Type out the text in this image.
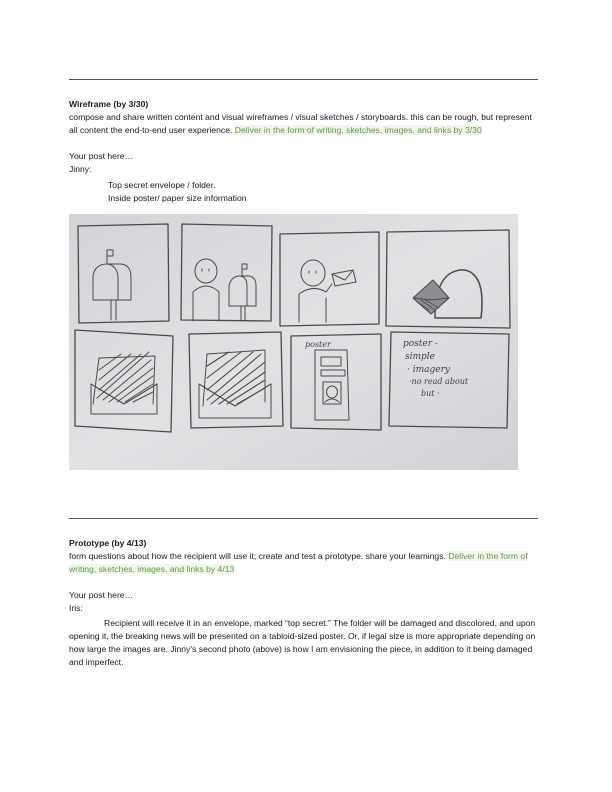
Wireframe (by 3/30)
compose and share written content and visual wireframes / visual sketches / storyboards. this can be rough, but represent all content the end-to-end user experience. Deliver in the form of writing, sketches, images, and links by 3/30
Your post here…
Jinny:
Top secret envelope / folder.
Inside poster/ paper size information
poster	poster -
simple
· imagery
·no read about
but ·
Prototype (by 4/13)
form questions about how the recipient will use it; create and test a prototype. share your learnings. Deliver in the form of writing, sketches, images, and links by 4/13
Your post here…
Iris:
Recipient will receive it in an envelope, marked “top secret.” The folder will be damaged and discolored, and upon opening it, the breaking news will be presented on a tabloid-sized poster. Or, if legal size is more appropriate depending on how large the images are. Jinny’s second photo (above) is how I am envisioning the piece, in addition to it being damaged and imperfect.
